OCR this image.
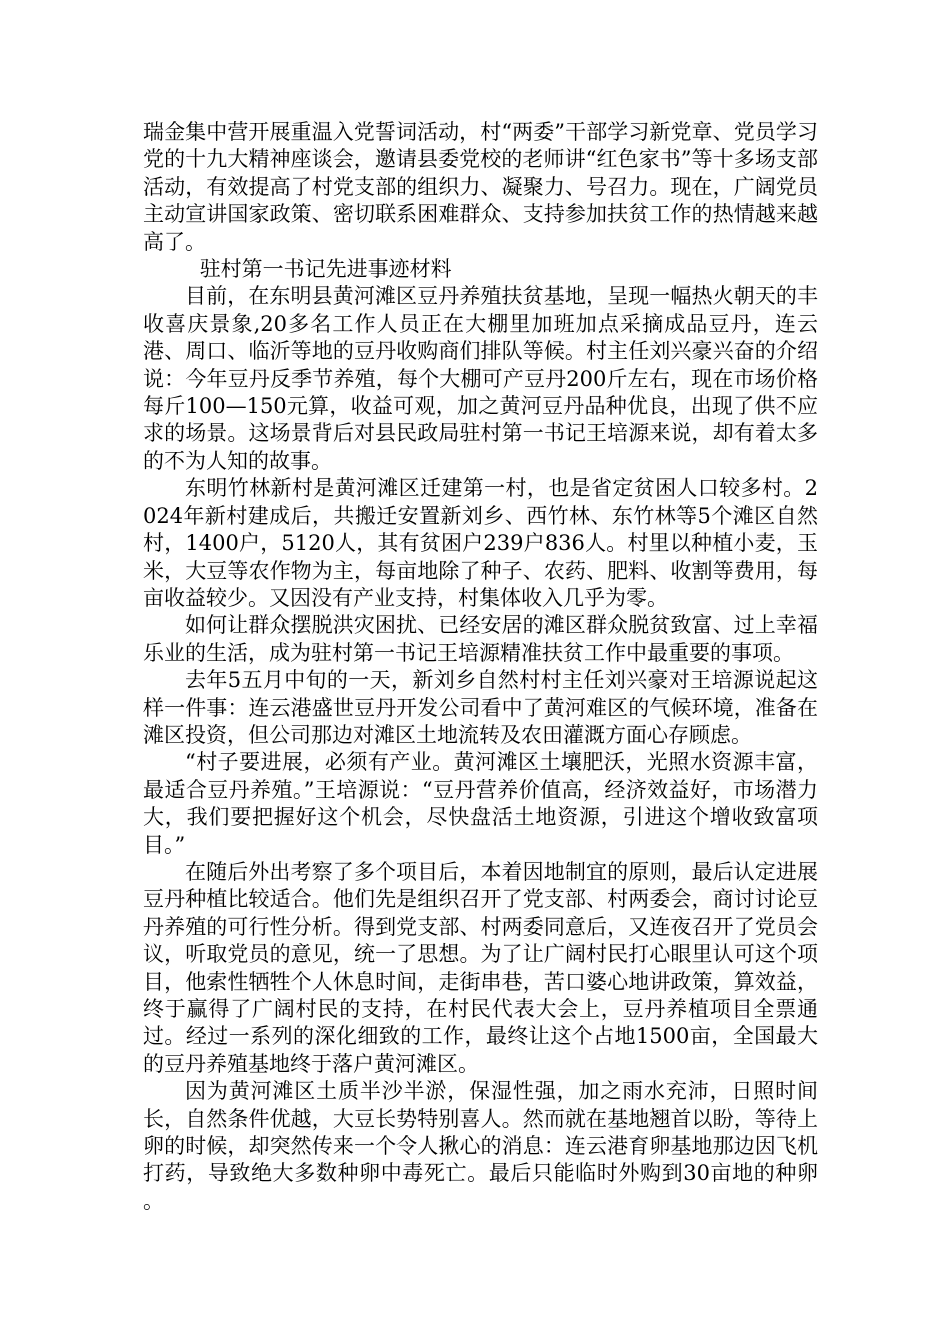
瑞金集中营开展重温入党誓词活动，村“两委”干部学习新党章、党员学习党的十九大精神座谈会，邀请县委党校的老师讲“红色家书”等十多场支部活动，有效提高了村党支部的组织力、凝聚力、号召力。现在，广阔党员主动宣讲国家政策、密切联系困难群众、支持参加扶贫工作的热情越来越高了。

驻村第一书记先进事迹材料

目前，在东明县黄河滩区豆丹养殖扶贫基地，呈现一幅热火朝天的丰收喜庆景象,20多名工作人员正在大棚里加班加点采摘成品豆丹，连云港、周口、临沂等地的豆丹收购商们排队等候。村主任刘兴豪兴奋的介绍说：今年豆丹反季节养殖，每个大棚可产豆丹200斤左右，现在市场价格每斤100—150元算，收益可观，加之黄河豆丹品种优良，出现了供不应求的场景。这场景背后对县民政局驻村第一书记王培源来说，却有着太多的不为人知的故事。

东明竹林新村是黄河滩区迁建第一村，也是省定贫困人口较多村。2024年新村建成后，共搬迁安置新刘乡、西竹林、东竹林等5个滩区自然村，1400户，5120人，其有贫困户239户836人。村里以种植小麦，玉米，大豆等农作物为主，每亩地除了种子、农药、肥料、收割等费用，每亩收益较少。又因没有产业支持，村集体收入几乎为零。

如何让群众摆脱洪灾困扰、已经安居的滩区群众脱贫致富、过上幸福乐业的生活，成为驻村第一书记王培源精准扶贫工作中最重要的事项。

去年5五月中旬的一天，新刘乡自然村村主任刘兴豪对王培源说起这样一件事：连云港盛世豆丹开发公司看中了黄河难区的气候环境，准备在滩区投资，但公司那边对滩区土地流转及农田灌溉方面心存顾虑。

“村子要进展，必须有产业。黄河滩区土壤肥沃，光照水资源丰富，最适合豆丹养殖。”王培源说：“豆丹营养价值高，经济效益好，市场潜力大，我们要把握好这个机会，尽快盘活土地资源，引进这个增收致富项目。”

在随后外出考察了多个项目后，本着因地制宜的原则，最后认定进展豆丹种植比较适合。他们先是组织召开了党支部、村两委会，商讨讨论豆丹养殖的可行性分析。得到党支部、村两委同意后，又连夜召开了党员会议，听取党员的意见，统一了思想。为了让广阔村民打心眼里认可这个项目，他索性牺牲个人休息时间，走街串巷，苦口婆心地讲政策，算效益，终于赢得了广阔村民的支持，在村民代表大会上，豆丹养植项目全票通过。经过一系列的深化细致的工作，最终让这个占地1500亩，全国最大的豆丹养殖基地终于落户黄河滩区。

因为黄河滩区土质半沙半淤，保湿性强，加之雨水充沛，日照时间长，自然条件优越，大豆长势特别喜人。然而就在基地翘首以盼，等待上卵的时候，却突然传来一个令人揪心的消息：连云港育卵基地那边因飞机打药，导致绝大多数种卵中毒死亡。最后只能临时外购到30亩地的种卵 。
